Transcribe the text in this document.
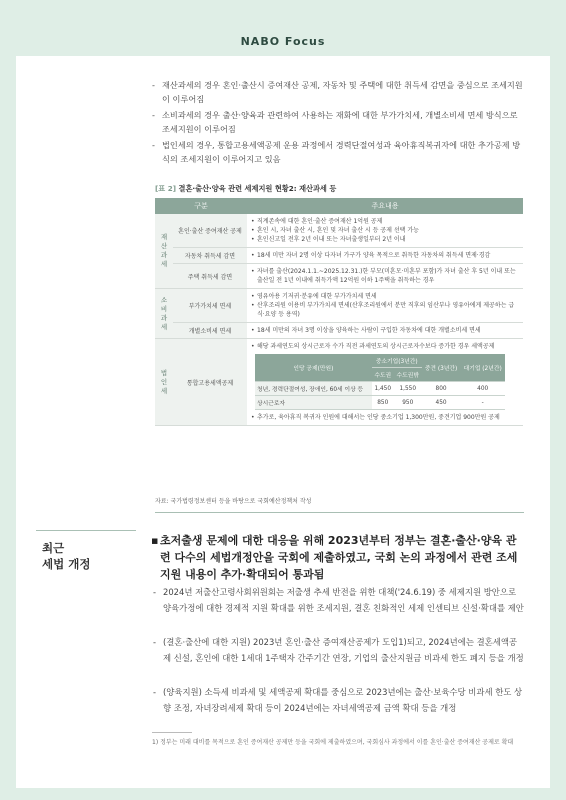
NABO Focus
- 재산과세의 경우 혼인·출산시 증여재산 공제, 자동차 및 주택에 대한 취득세 감면을 중심으로 조세지원이 이루어짐
- 소비과세의 경우 출산·양육과 관련하여 사용하는 재화에 대한 부가가치세, 개별소비세 면세 방식으로 조세지원이 이루어짐
- 법인세의 경우, 통합고용세액공제 운용 과정에서 경력단절여성과 육아휴직복귀자에 대한 추가공제 방식의 조세지원이 이루어지고 있음
[표 2] 결혼·출산·양육 관련 세제지원 현황2: 재산과세 등
구분	주요내용
재산과세	혼인·출산 증여재산 공제	
• 직계존속에 대한 혼인·출산 증여재산 1억원 공제
• 혼인 시, 자녀 출산 시, 혼인 및 자녀 출산 시 등 공제 선택 가능
• 혼인신고일 전후 2년 이내 또는 자녀출생일부터 2년 이내

자동차 취득세 감면	
•18세 미만 자녀 2명 이상 다자녀 가구가 양육 목적으로 취득한 자동차의 취득세 면제·경감

주택 취득세 감면	
• 자녀를 출산(2024.1.1.~2025.12.31.)한 부모(미혼모·미혼부 포함)가 자녀 출산 후 5년 이내 또는 출산일 전 1년 이내에 취득가액 12억원 이하 1주택을 취득하는 경우

소비과세	부가가치세 면세	
• 영유아용 기저귀·분유에 대한 부가가치세 면세
• 산후조리원 이용비 부가가치세 면세(산후조리원에서 분만 직후의 임산부나 영유아에게 제공하는 급식·요양 등 용역)

개별소비세 면세	
•18세 미만의 자녀 3명 이상을 양육하는 사람이 구입한 자동차에 대한 개별소비세 면세

법인세	통합고용세액공제	
• 해당 과세연도의 상시근로자 수가 직전 과세연도의 상시근로자수보다 증가한 경우 세액공제
인당 공제(만원)	중소기업(3년간)	중견 (3년간)	대기업 (2년간)
수도권	수도권밖
청년, 경력단절여성, 장애인, 60세 이상 등	1,450	1,550	800	400
상시근로자	850	950	450	-
• 추가로, 육아휴직 복귀자 인원에 대해서는 인당 중소기업 1,300만원, 중견기업 900만원 공제
자료: 국가법령정보센터 등을 바탕으로 국회예산정책처 작성
최근
세법 개정
▪ 초저출생 문제에 대한 대응을 위해 2023년부터 정부는 결혼·출산·양육 관련 다수의 세법개정안을 국회에 제출하였고, 국회 논의 과정에서 관련 조세지원 내용이 추가·확대되어 통과됨
- 2024년 저출산고령사회위원회는 저출생 추세 반전을 위한 대책('24.6.19) 중 세제지원 방안으로 양육가정에 대한 경제적 지원 확대를 위한 조세지원, 결혼 친화적인 세제 인센티브 신설·확대를 제안
- (결혼·출산에 대한 지원) 2023년 혼인·출산 증여재산공제가 도입1)되고, 2024년에는 결혼세액공제 신설, 혼인에 대한 1세대 1주택자 간주기간 연장, 기업의 출산지원금 비과세 한도 폐지 등을 개정
- (양육지원) 소득세 비과세 및 세액공제 확대를 중심으로 2023년에는 출산·보육수당 비과세 한도 상향 조정, 자녀장려세제 확대 등이 2024년에는 자녀세액공제 금액 확대 등을 개정
1) 정부는 미래 대비를 목적으로 혼인 증여재산 공제만 등을 국회에 제출하였으며, 국회심사 과정에서 이를 혼인·출산 증여재산 공제로 확대
